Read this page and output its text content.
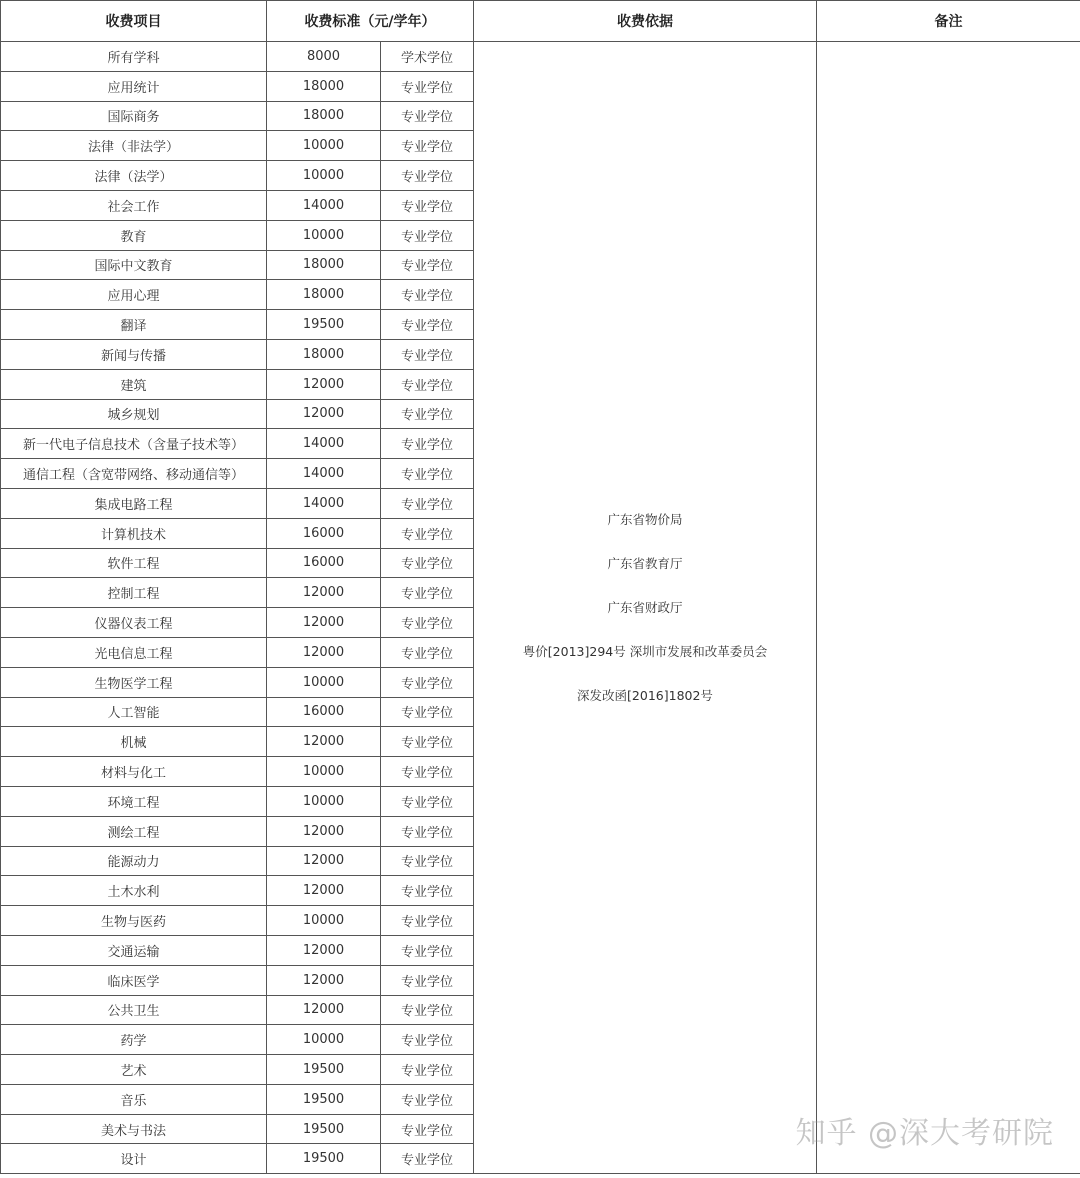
收费项目	收费标准（元/学年）		收费依据	备注
所有学科	8000	学术学位	广东省物价局
广东省教育厅
广东省财政厅
粤价[2013]294号 深圳市发展和改革委员会
深发改函[2016]1802号	

应用统计	18000	专业学位		
国际商务	18000	专业学位		
法律（非法学）	10000	专业学位		
法律（法学）	10000	专业学位		
社会工作	14000	专业学位		
教育	10000	专业学位		
国际中文教育	18000	专业学位		
应用心理	18000	专业学位		
翻译	19500	专业学位		
新闻与传播	18000	专业学位		
建筑	12000	专业学位		
城乡规划	12000	专业学位		
新一代电子信息技术（含量子技术等）	14000	专业学位		
通信工程（含宽带网络、移动通信等）	14000	专业学位		
集成电路工程	14000	专业学位		
计算机技术	16000	专业学位		
软件工程	16000	专业学位		
控制工程	12000	专业学位		
仪器仪表工程	12000	专业学位		
光电信息工程	12000	专业学位		
生物医学工程	10000	专业学位		
人工智能	16000	专业学位		
机械	12000	专业学位		
材料与化工	10000	专业学位		
环境工程	10000	专业学位		
测绘工程	12000	专业学位		
能源动力	12000	专业学位		
土木水利	12000	专业学位		
生物与医药	10000	专业学位		
交通运输	12000	专业学位		
临床医学	12000	专业学位		
公共卫生	12000	专业学位		
药学	10000	专业学位		
艺术	19500	专业学位		
音乐	19500	专业学位		
美术与书法	19500	专业学位		
设计	19500	专业学位		
知乎 @深大考研院
